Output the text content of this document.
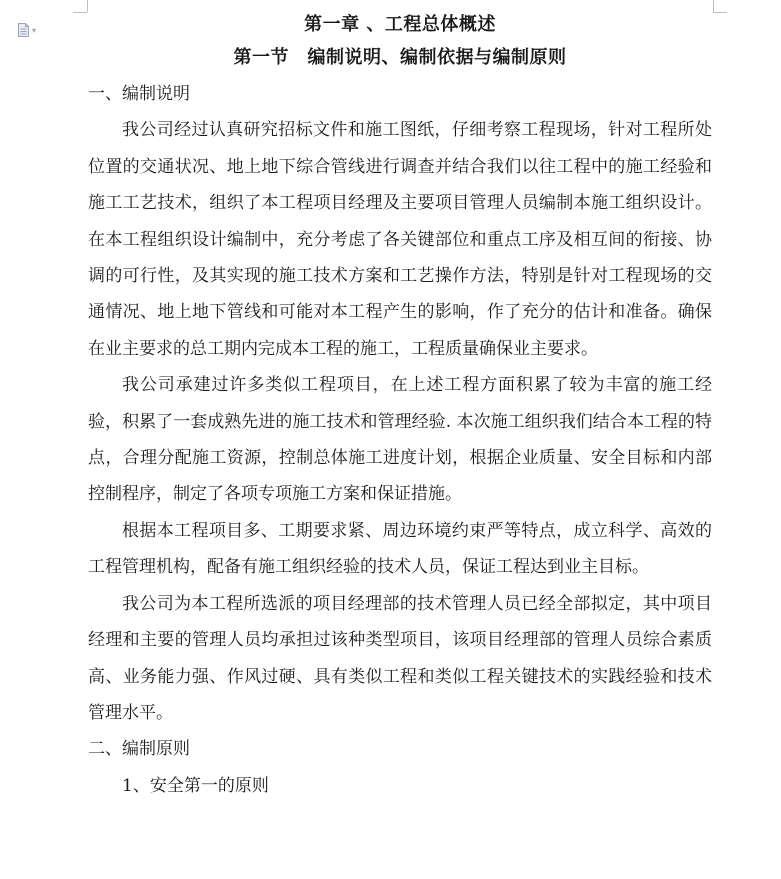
▾	第一章 、工程总体概述

第一节　编制说明、编制依据与编制原则

一、编制说明

我公司经过认真研究招标文件和施工图纸，仔细考察工程现场，针对工程所处位置的交通状况、地上地下综合管线进行调查并结合我们以往工程中的施工经验和施工工艺技术，组织了本工程项目经理及主要项目管理人员编制本施工组织设计。在本工程组织设计编制中，充分考虑了各关键部位和重点工序及相互间的衔接、协调的可行性，及其实现的施工技术方案和工艺操作方法，特别是针对工程现场的交通情况、地上地下管线和可能对本工程产生的影响，作了充分的估计和准备。确保在业主要求的总工期内完成本工程的施工，工程质量确保业主要求。

我公司承建过许多类似工程项目，在上述工程方面积累了较为丰富的施工经验，积累了一套成熟先进的施工技术和管理经验. 本次施工组织我们结合本工程的特点，合理分配施工资源，控制总体施工进度计划，根据企业质量、安全目标和内部控制程序，制定了各项专项施工方案和保证措施。

根据本工程项目多、工期要求紧、周边环境约束严等特点，成立科学、高效的工程管理机构，配备有施工组织经验的技术人员，保证工程达到业主目标。

我公司为本工程所选派的项目经理部的技术管理人员已经全部拟定，其中项目经理和主要的管理人员均承担过该种类型项目，该项目经理部的管理人员综合素质高、业务能力强、作风过硬、具有类似工程和类似工程关键技术的实践经验和技术管理水平。

二、编制原则

1、安全第一的原则
